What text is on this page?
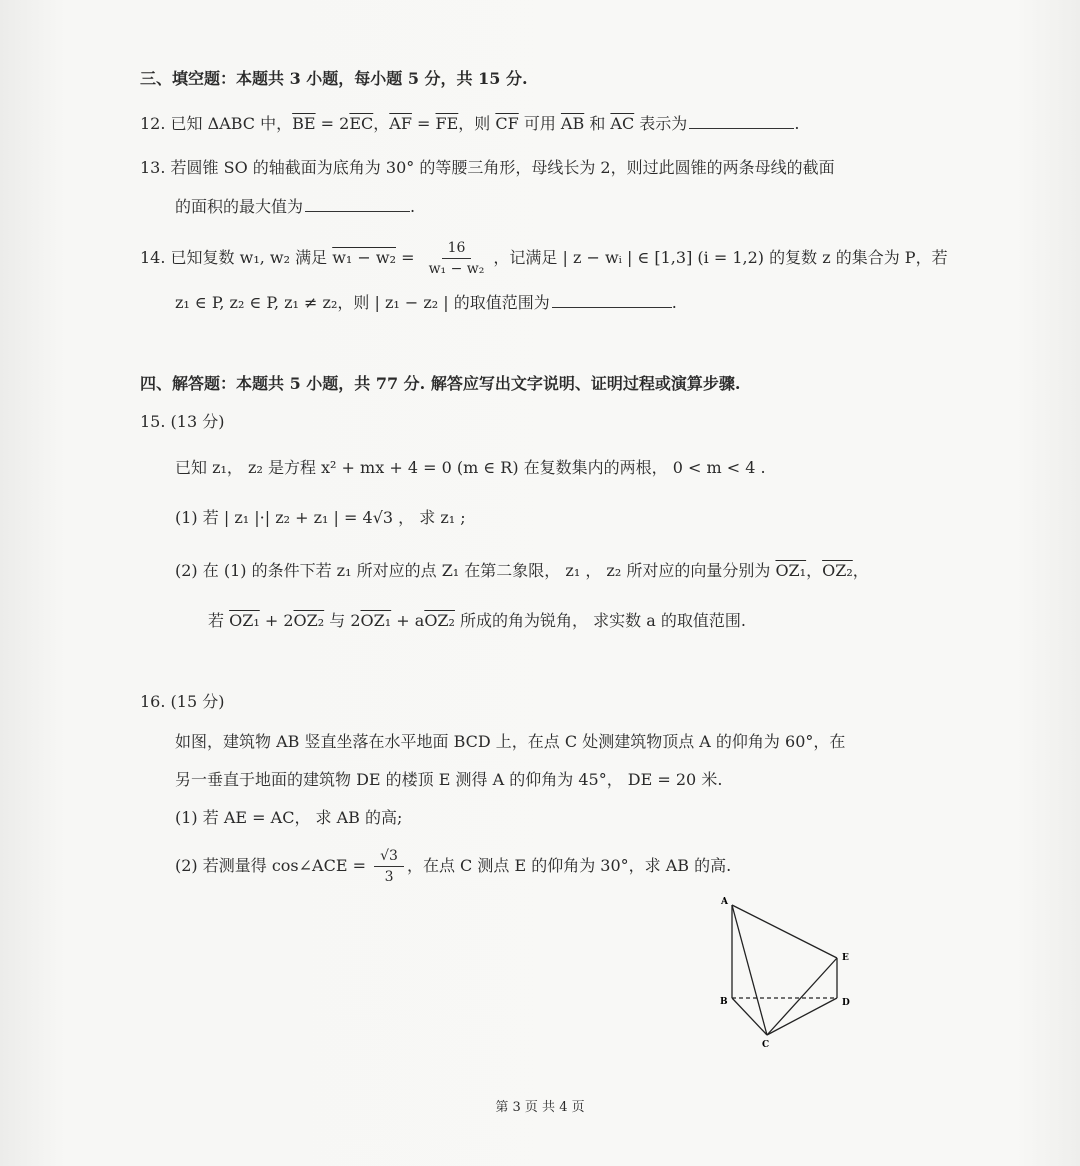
三、填空题：本题共 3 小题，每小题 5 分，共 15 分.
12. 已知 ΔABC 中，$\overline{BE} = 2\overline{EC}$，$\overline{AF} = \overline{FE}$，则 $\overline{CF}$ 可用 $\overline{AB}$ 和 $\overline{AC}$ 表示为	.
13. 若圆锥 SO 的轴截面为底角为 30° 的等腰三角形，母线长为 2，则过此圆锥的两条母线的截面
的面积的最大值为	.
14. 已知复数 w₁, w₂ 满足 $w_1 - w_2 = \frac{16}{\text{w₁ − w₂}}$ ，记满足 | z − wᵢ | ∈ [1,3] (i = 1,2) 的复数 z 的集合为 P，若
z₁ ∈ P, z₂ ∈ P, z₁ ≠ z₂，则 | z₁ − z₂ | 的取值范围为	.
四、解答题：本题共 5 小题，共 77 分. 解答应写出文字说明、证明过程或演算步骤.
15. (13 分)
已知 z₁， z₂ 是方程 x² + mx + 4 = 0 (m ∈ R) 在复数集内的两根， 0 < m < 4 .
(1) 若 | z₁ |·| z₂ + z₁ | = 4√3 ， 求 z₁ ;
(2) 在 (1) 的条件下若 z₁ 所对应的点 Z₁ 在第二象限， z₁ ， z₂ 所对应的向量分别为 OZ₁，OZ₂，
若 OZ₁ + 2OZ₂ 与 2OZ₁ + aOZ₂ 所成的角为锐角， 求实数 a 的取值范围.
16. (15 分)
如图，建筑物 AB 竖直坐落在水平地面 BCD 上，在点 C 处测建筑物顶点 A 的仰角为 60°，在
另一垂直于地面的建筑物 DE 的楼顶 E 测得 A 的仰角为 45°， DE = 20 米.
(1) 若 AE = AC， 求 AB 的高;
(2) 若测量得 cos∠ACE = $\frac{√3}{3}$ ，在点 C 测点 E 的仰角为 30°，求 AB 的高.
A
B
C
D
E
第 3 页 共 4 页
